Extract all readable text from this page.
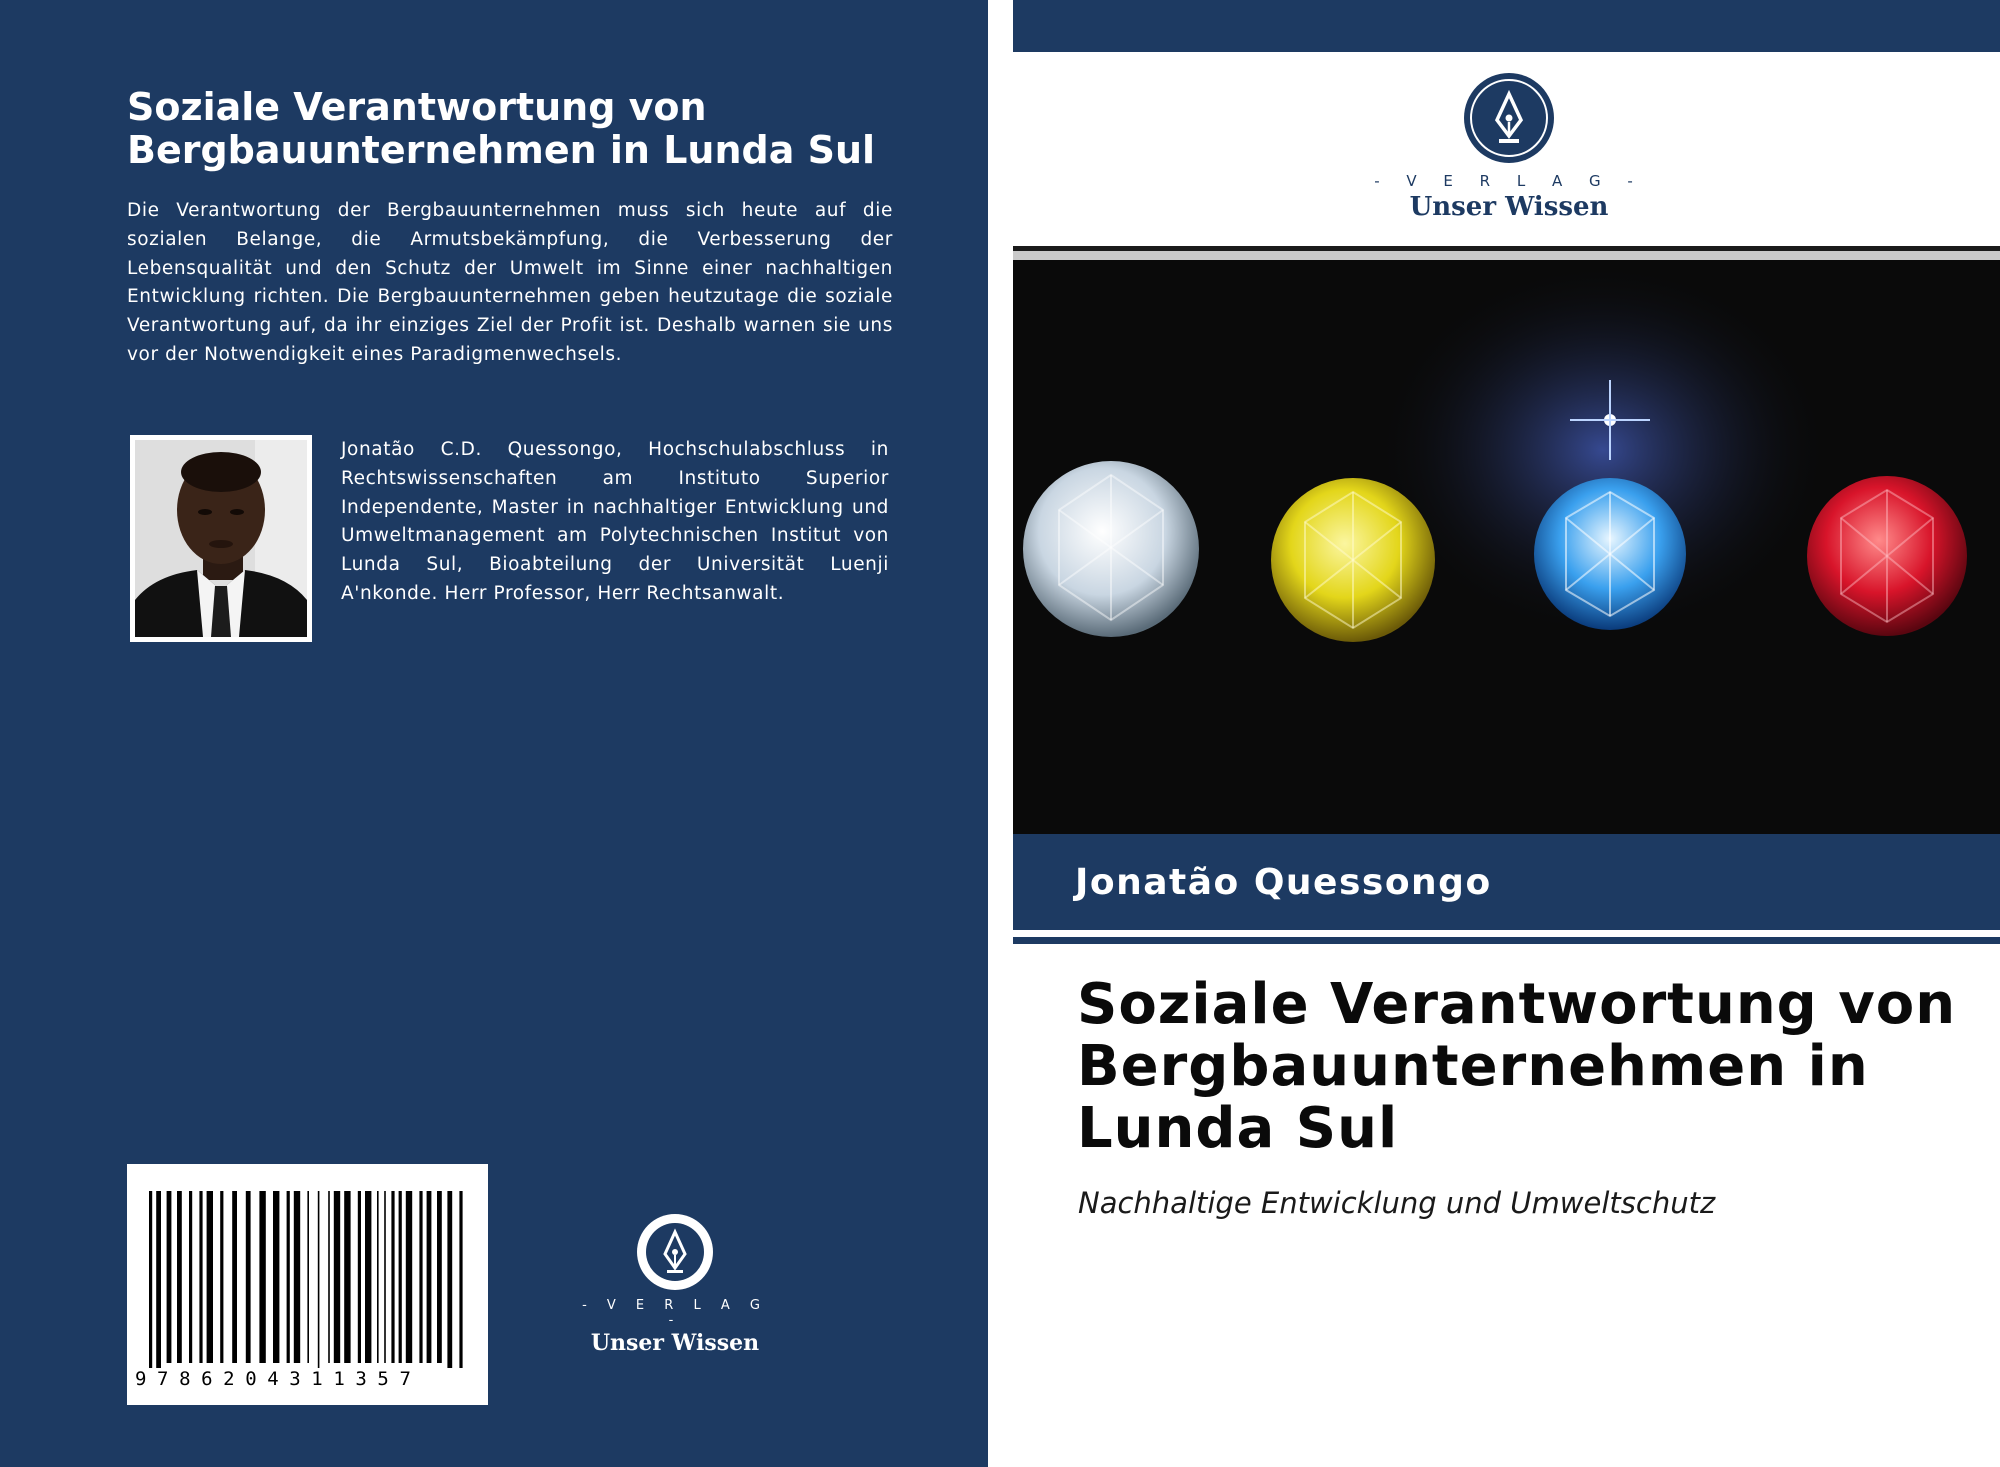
Soziale Verantwortung von Bergbauunternehmen in Lunda Sul

Die Verantwortung der Bergbauunternehmen muss sich heute auf die sozialen Belange, die Armutsbekämpfung, die Verbesserung der Lebensqualität und den Schutz der Umwelt im Sinne einer nachhaltigen Entwicklung richten. Die Bergbauunternehmen geben heutzutage die soziale Verantwortung auf, da ihr einziges Ziel der Profit ist. Deshalb warnen sie uns vor der Notwendigkeit eines Paradigmenwechsels.

Jonatão C.D. Quessongo, Hochschulabschluss in Rechtswissenschaften am Instituto Superior Independente, Master in nachhaltiger Entwicklung und Umweltmanagement am Polytechnischen Institut von Lunda Sul, Bioabteilung der Universität Luenji A'nkonde. Herr Professor, Herr Rechtsanwalt.

9786204311357
- V E R L A G -
Unser Wissen
- V E R L A G -
Unser Wissen
Jonatão Quessongo
Soziale Verantwortung von Bergbauunternehmen in Lunda Sul

Nachhaltige Entwicklung und Umweltschutz
